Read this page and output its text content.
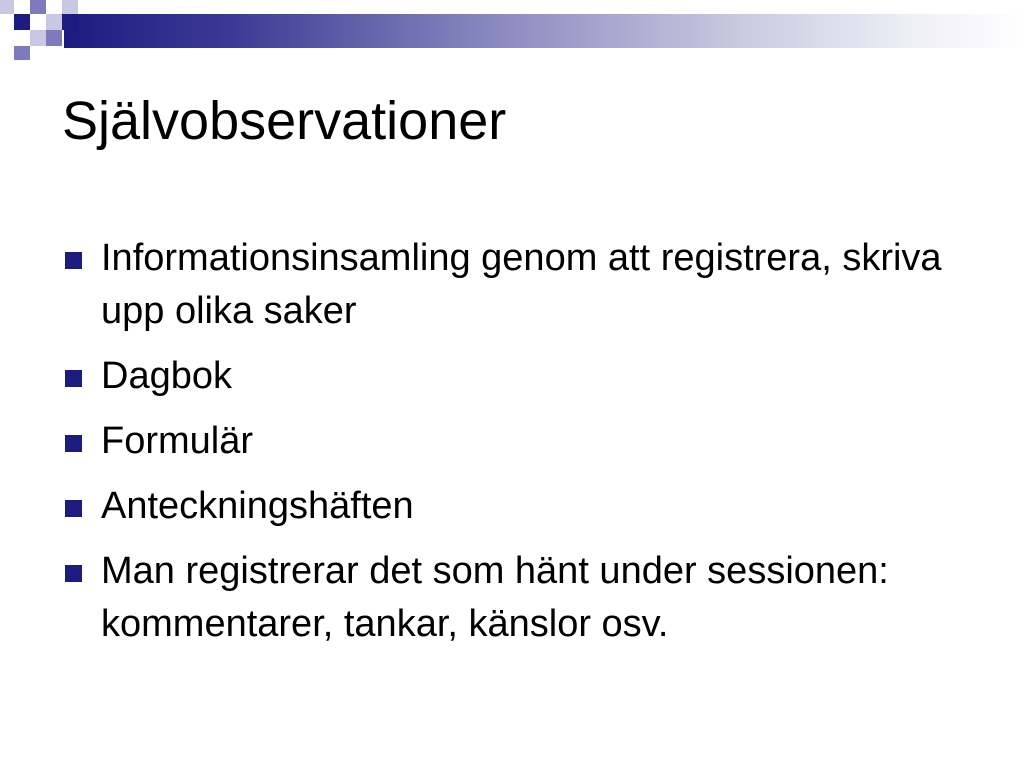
Självobservationer
Informationsinsamling genom att registrera, skriva upp olika saker
Dagbok
Formulär
Anteckningshäften
Man registrerar det som hänt under sessionen: kommentarer, tankar, känslor osv.
